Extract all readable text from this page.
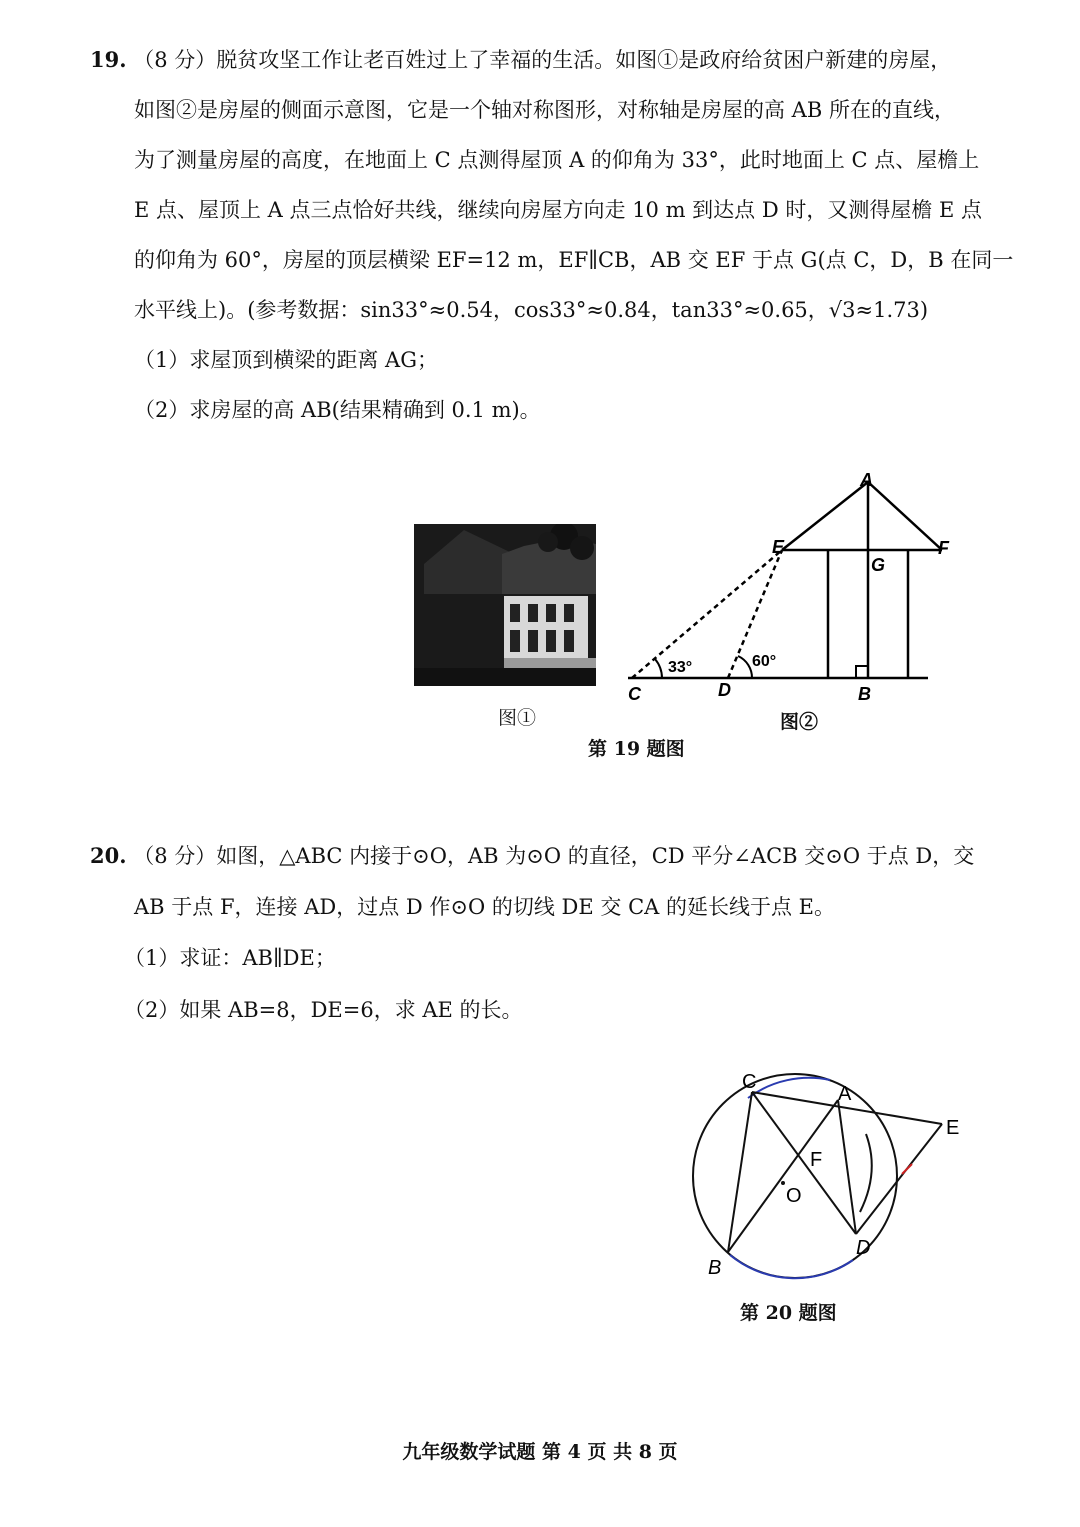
19. （8 分）脱贫攻坚工作让老百姓过上了幸福的生活。如图①是政府给贫困户新建的房屋，
如图②是房屋的侧面示意图，它是一个轴对称图形，对称轴是房屋的高 AB 所在的直线，
为了测量房屋的高度，在地面上 C 点测得屋顶 A 的仰角为 33°，此时地面上 C 点、屋檐上
E 点、屋顶上 A 点三点恰好共线，继续向房屋方向走 10 m 到达点 D 时，又测得屋檐 E 点
的仰角为 60°，房屋的顶层横梁 EF=12 m，EF∥CB，AB 交 EF 于点 G(点 C，D，B 在同一
水平线上)。(参考数据：sin33°≈0.54，cos33°≈0.84，tan33°≈0.65，√3≈1.73)
（1）求屋顶到横梁的距离 AG；
（2）求房屋的高 AB(结果精确到 0.1 m)。
图①
A
E	F
G
C	D	B
33°	60°
图②
第 19 题图
20. （8 分）如图，△ABC 内接于⊙O，AB 为⊙O 的直径，CD 平分∠ACB 交⊙O 于点 D，交
AB 于点 F，连接 AD，过点 D 作⊙O 的切线 DE 交 CA 的延长线于点 E。
（1）求证：AB∥DE；
（2）如果 AB=8，DE=6，求 AE 的长。
C
A
E
F
O
B
D
第 20 题图
九年级数学试题 第 4 页 共 8 页
